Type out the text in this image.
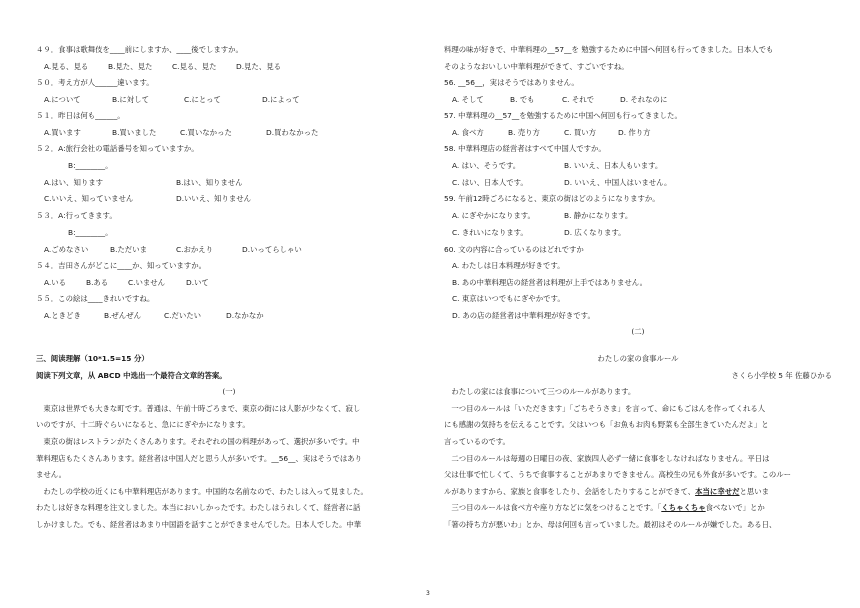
４９．食事は歌舞伎を____前にしますか、____後でしますか。
A.見る、見る	B.見た、見た	C.見る、見た	D.見た、見る
５０．考え方が人______違います。
A.について	B.に対して	C.にとって	D.によって
５１．昨日は何も______。
A.買います	B.買いました	C.買いなかった	D.買わなかった
５２．A:旅行会社の電話番号を知っていますか。
B:________。
A.はい、知ります	B.はい、知りません
C.いいえ、知っていません	D.いいえ、知りません
５３．A:行ってきます。
B:________。
A.ごめなさい	B.ただいま	C.おかえり	D.いってらしゃい
５４．吉田さんがどこに____か、知っていますか。
A.いる	B.ある	C.いません	D.いて
５５．この絵は____きれいですね。
A.ときどき	B.ぜんぜん	C.だいたい	D.なかなか
三、阅读理解（10*1.5=15 分）
阅读下列文章，从 ABCD 中选出一个最符合文章的答案。
(一)
　東京は世界でも大きな町です。普通は、午前十時ごろまで、東京の街には人影が少なくて、寂し
いのですが、十二時ぐらいになると、急ににぎやかになります。
　東京の街はレストランがたくさんあります。それぞれの国の料理があって、選択が多いです。中
華料理店もたくさんあります。経営者は中国人だと思う人が多いです。__56__、実はそうではあり
ません。
　わたしの学校の近くにも中華料理店があります。中国的な名前なので、わたしは入って見ました。
わたしは好きな料理を注文しました。本当においしかったです。わたしはうれしくて、経営者に話
しかけました。でも、経営者はあまり中国語を話すことができませんでした。日本人でした。中華
料理の味が好きで、中華料理の__57__を 勉強するために中国へ何回も行ってきました。日本人でも
そのようなおいしい中華料理ができて、すごいですね。
56. __56__，実はそうではありません。
A. そして	B. でも	C. それで	D. それなのに
57. 中華料理の__57__を勉強するために中国へ何回も行ってきました。
A. 食べ方	B. 売り方	C. 買い方	D. 作り方
58. 中華料理店の経営者はすべて中国人ですか。
A. はい、そうです。	B. いいえ、日本人もいます。
C. はい、日本人です。	D. いいえ、中国人はいません。
59. 午前12時ごろになると、東京の街はどのようになりますか。
A. にぎやかになります。	B. 静かになります。
C. きれいになります。	D. 広くなります。
60. 文の内容に合っているのはどれですか
A. わたしは日本料理が好きです。
B. あの中華料理店の経営者は料理が上手ではありません。
C. 東京はいつでもにぎやかです。
D. あの店の経営者は中華料理が好きです。
(二)
わたしの家の食事ルール
さくら小学校 5 年 佐藤ひかる
　わたしの家には食事について三つのルールがあります。
　一つ目のルールは「いただきます」「ごちそうさま」を言って、命にもごはんを作ってくれる人
にも感謝の気持ちを伝えることです。父はいつも「お魚もお肉も野菜も全部生きていたんだよ」と
言っているのです。
　二つ目のルールは毎週の日曜日の夜、家族四人必ず一緒に食事をしなければなりません。平日は
父は仕事で忙しくて、うちで食事することがあまりできません。高校生の兄も外食が多いです。このルー
ルがありますから、家族と食事をしたり、会話をしたりすることができて、本当に幸せだと思いま
　三つ目のルールは食べ方や座り方などに気をつけることです。「くちゃくちゃ食べないで」とか
「箸の持ち方が悪いわ」とか、母は何回も言っていました。最初はそのルールが嫌でした。ある日、
3
